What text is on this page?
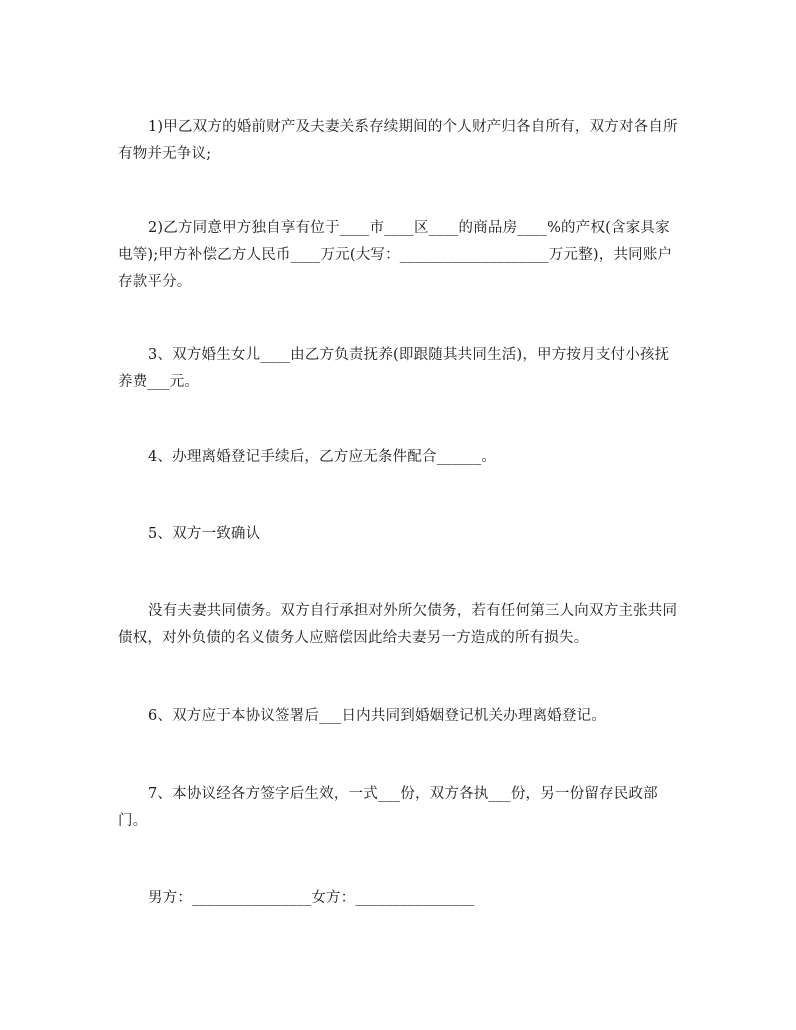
1)甲乙双方的婚前财产及夫妻关系存续期间的个人财产归各自所有，双方对各自所有物并无争议;

2)乙方同意甲方独自享有位于____市____区____的商品房____%的产权(含家具家电等);甲方补偿乙方人民币____万元(大写：____________________万元整)，共同账户存款平分。

3、双方婚生女儿____由乙方负责抚养(即跟随其共同生活)，甲方按月支付小孩抚养费___元。

4、办理离婚登记手续后，乙方应无条件配合______。

5、双方一致确认

没有夫妻共同债务。双方自行承担对外所欠债务，若有任何第三人向双方主张共同债权，对外负债的名义债务人应赔偿因此给夫妻另一方造成的所有损失。

6、双方应于本协议签署后___日内共同到婚姻登记机关办理离婚登记。

7、本协议经各方签字后生效，一式___份，双方各执___份，另一份留存民政部门。

男方：________________女方：________________
